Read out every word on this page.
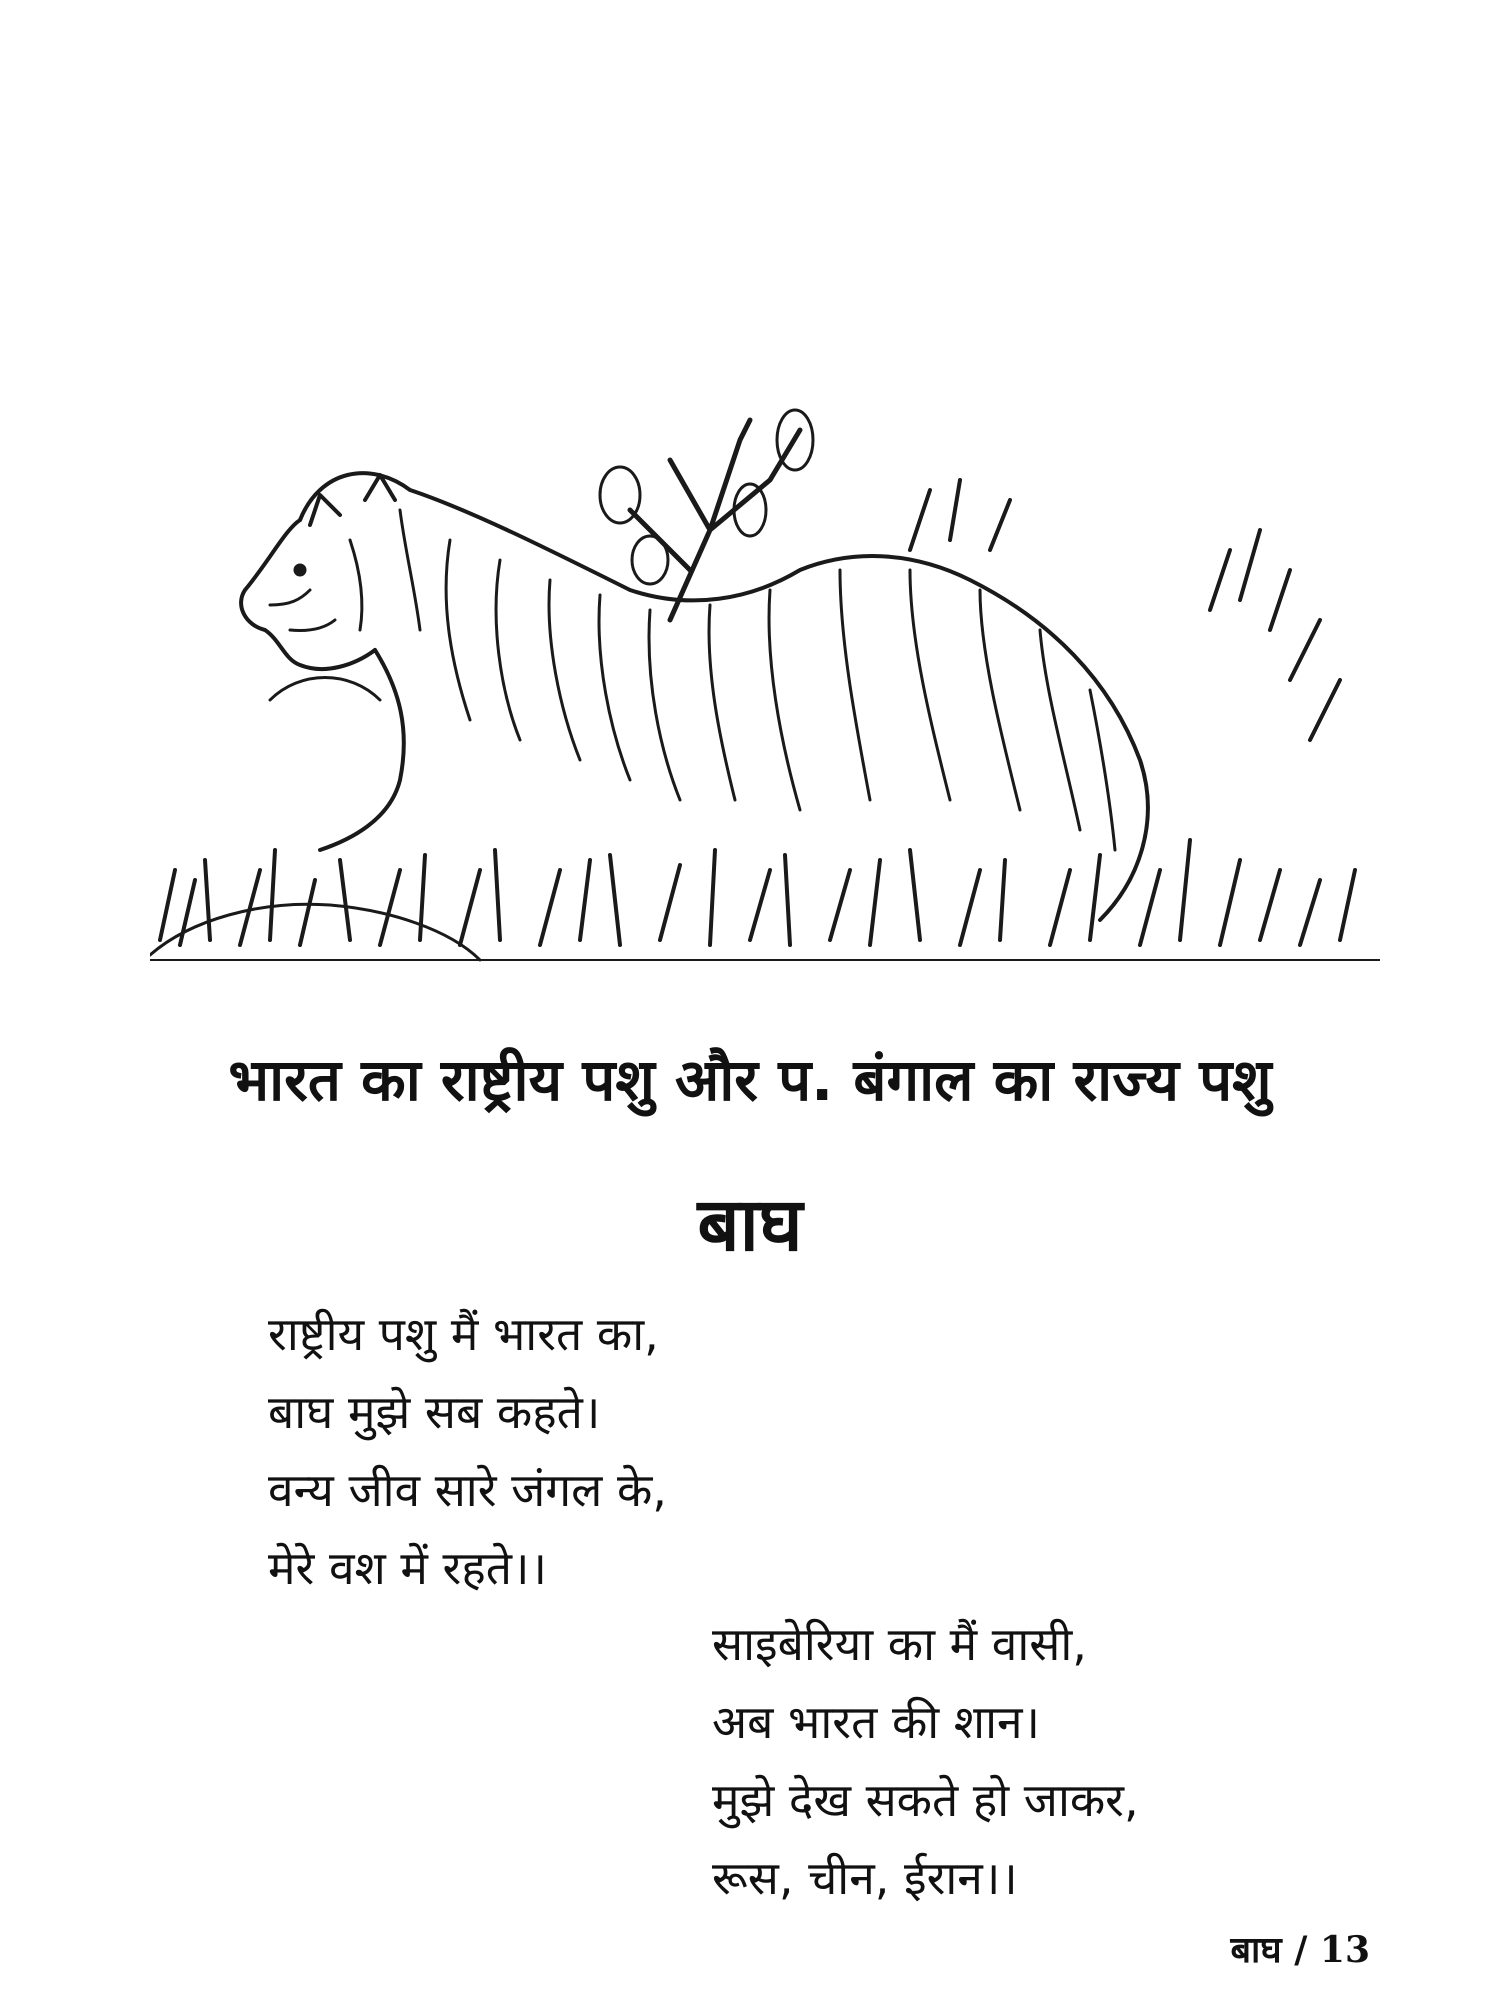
भारत का राष्ट्रीय पशु और प. बंगाल का राज्य पशु
बाघ
राष्ट्रीय पशु मैं भारत का,
बाघ मुझे सब कहते।
वन्य जीव सारे जंगल के,
मेरे वश में रहते।।
साइबेरिया का मैं वासी,
अब भारत की शान।
मुझे देख सकते हो जाकर,
रूस, चीन, ईरान।।
बाघ / 13
